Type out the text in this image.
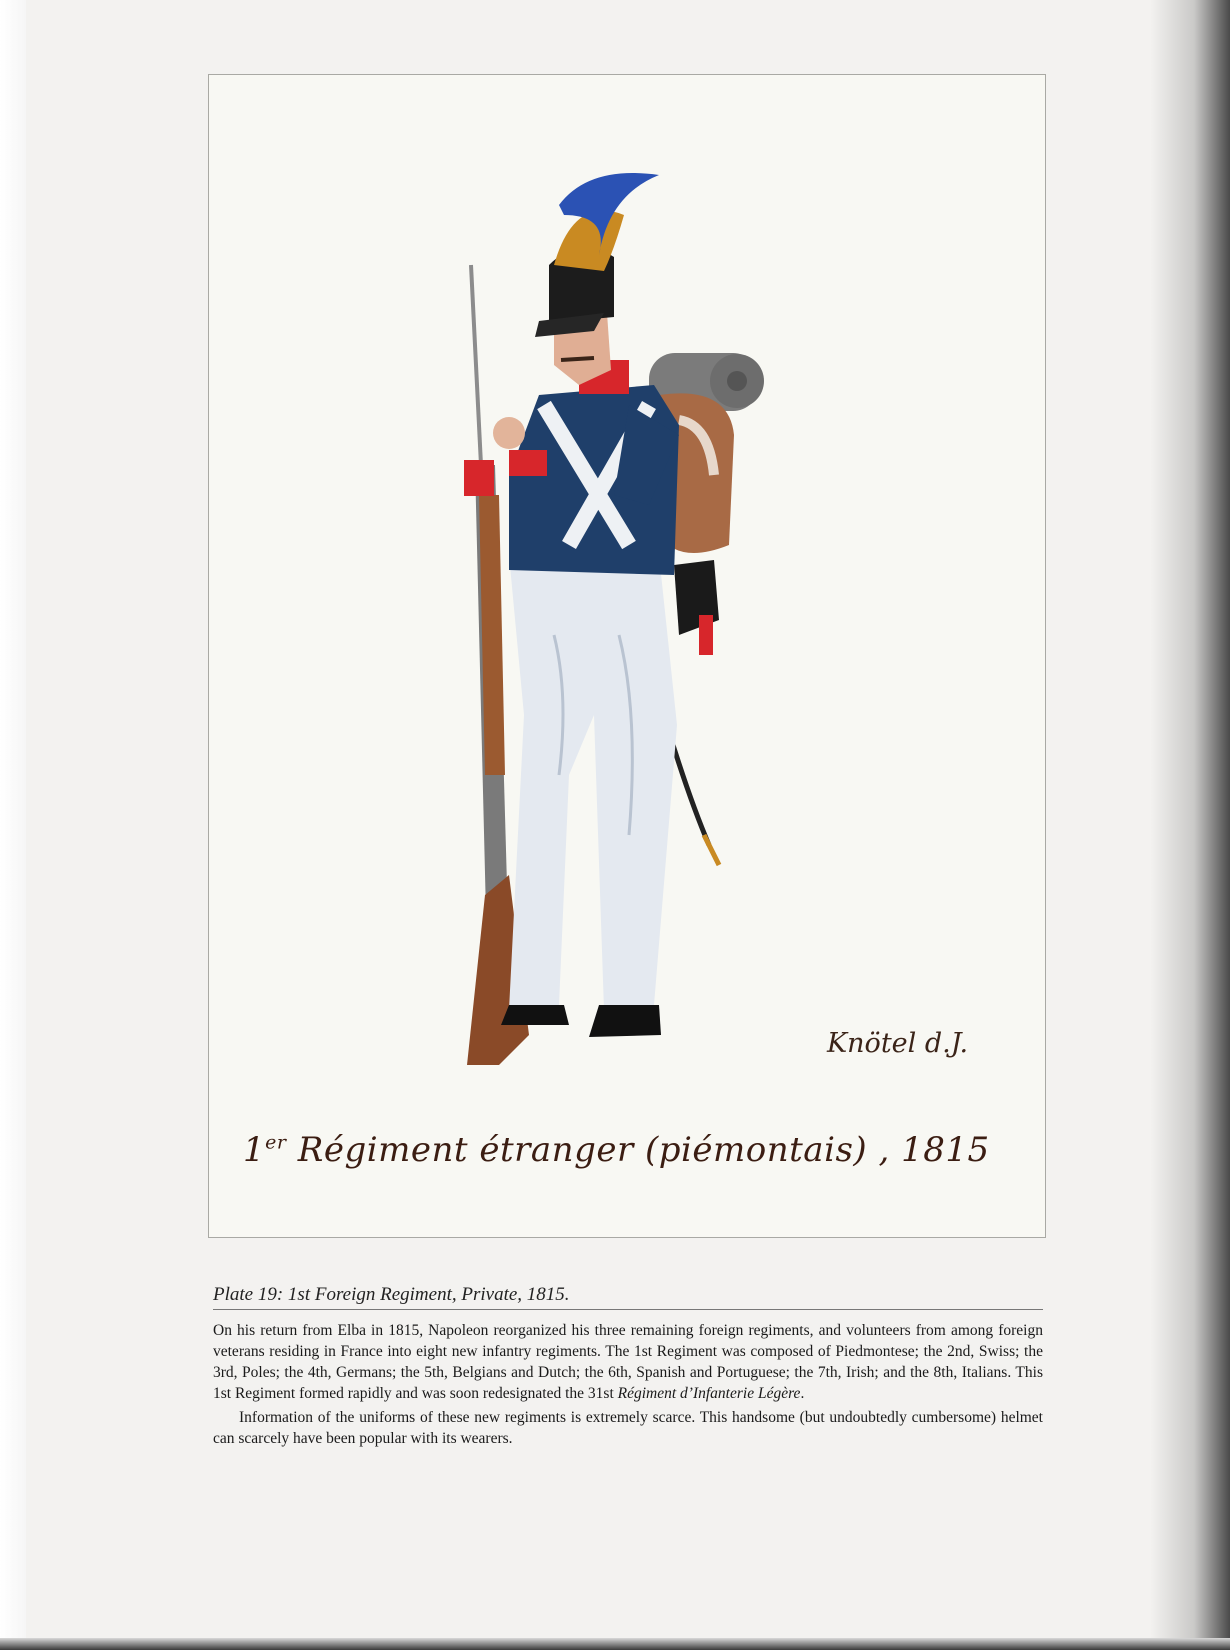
Knötel d.J.
1er Régiment étranger (piémontais) , 1815
Plate 19: 1st Foreign Regiment, Private, 1815.

On his return from Elba in 1815, Napoleon reorganized his three remaining foreign regiments, and volunteers from among foreign veterans residing in France into eight new infantry regiments. The 1st Regiment was composed of Piedmontese; the 2nd, Swiss; the 3rd, Poles; the 4th, Germans; the 5th, Belgians and Dutch; the 6th, Spanish and Portuguese; the 7th, Irish; and the 8th, Italians. This 1st Regiment formed rapidly and was soon redesignated the 31st Régiment d’Infanterie Légère.

Information of the uniforms of these new regiments is extremely scarce. This handsome (but undoubtedly cumbersome) helmet can scarcely have been popular with its wearers.
